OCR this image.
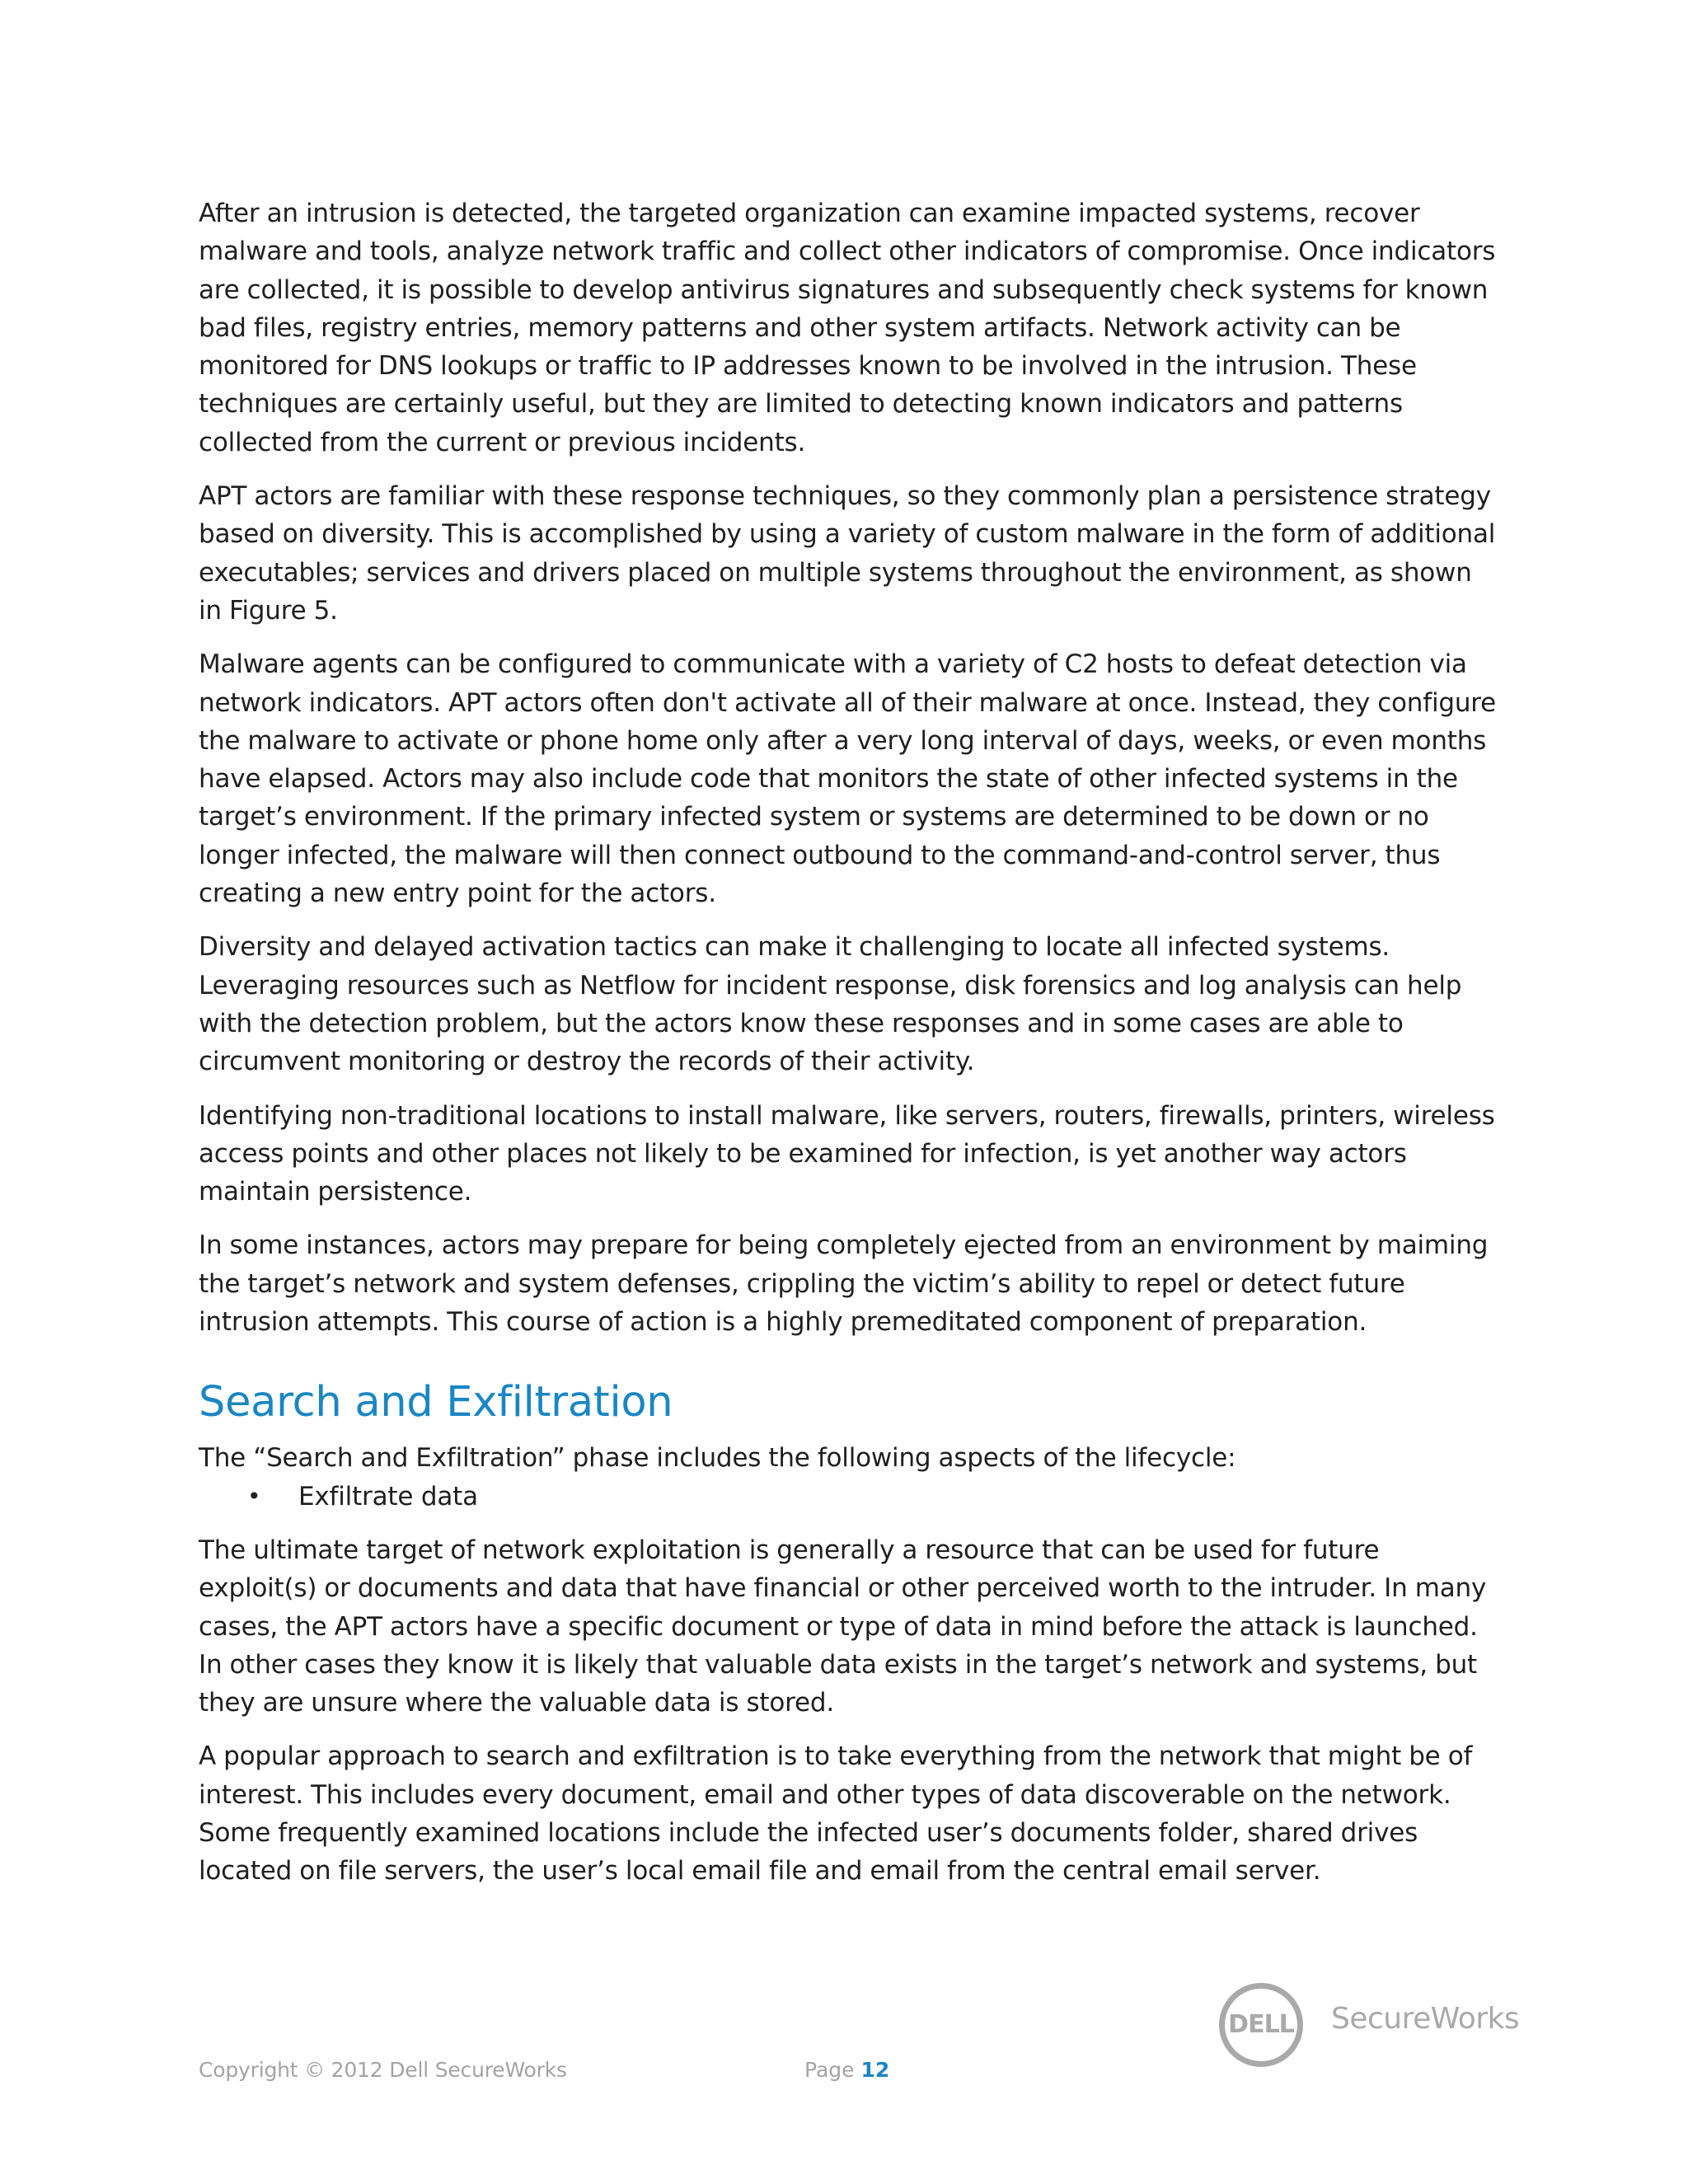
After an intrusion is detected, the targeted organization can examine impacted systems, recover malware and tools, analyze network traffic and collect other indicators of compromise. Once indicators are collected, it is possible to develop antivirus signatures and subsequently check systems for known bad files, registry entries, memory patterns and other system artifacts. Network activity can be monitored for DNS lookups or traffic to IP addresses known to be involved in the intrusion. These techniques are certainly useful, but they are limited to detecting known indicators and patterns collected from the current or previous incidents.

APT actors are familiar with these response techniques, so they commonly plan a persistence strategy based on diversity. This is accomplished by using a variety of custom malware in the form of additional executables; services and drivers placed on multiple systems throughout the environment, as shown in Figure 5.

Malware agents can be configured to communicate with a variety of C2 hosts to defeat detection via network indicators. APT actors often don't activate all of their malware at once. Instead, they configure the malware to activate or phone home only after a very long interval of days, weeks, or even months have elapsed. Actors may also include code that monitors the state of other infected systems in the target’s environment. If the primary infected system or systems are determined to be down or no longer infected, the malware will then connect outbound to the command-and-control server, thus creating a new entry point for the actors.

Diversity and delayed activation tactics can make it challenging to locate all infected systems. Leveraging resources such as Netflow for incident response, disk forensics and log analysis can help with the detection problem, but the actors know these responses and in some cases are able to circumvent monitoring or destroy the records of their activity.

Identifying non-traditional locations to install malware, like servers, routers, firewalls, printers, wireless access points and other places not likely to be examined for infection, is yet another way actors maintain persistence.

In some instances, actors may prepare for being completely ejected from an environment by maiming the target’s network and system defenses, crippling the victim’s ability to repel or detect future intrusion attempts. This course of action is a highly premeditated component of preparation.

Search and Exfiltration

The “Search and Exfiltration” phase includes the following aspects of the lifecycle:

• Exfiltrate data

The ultimate target of network exploitation is generally a resource that can be used for future exploit(s) or documents and data that have financial or other perceived worth to the intruder. In many cases, the APT actors have a specific document or type of data in mind before the attack is launched. In other cases they know it is likely that valuable data exists in the target’s network and systems, but they are unsure where the valuable data is stored.

A popular approach to search and exfiltration is to take everything from the network that might be of interest. This includes every document, email and other types of data discoverable on the network. Some frequently examined locations include the infected user’s documents folder, shared drives located on file servers, the user’s local email file and email from the central email server.

DELL	SecureWorks
Copyright © 2012 Dell SecureWorks	Page 12
